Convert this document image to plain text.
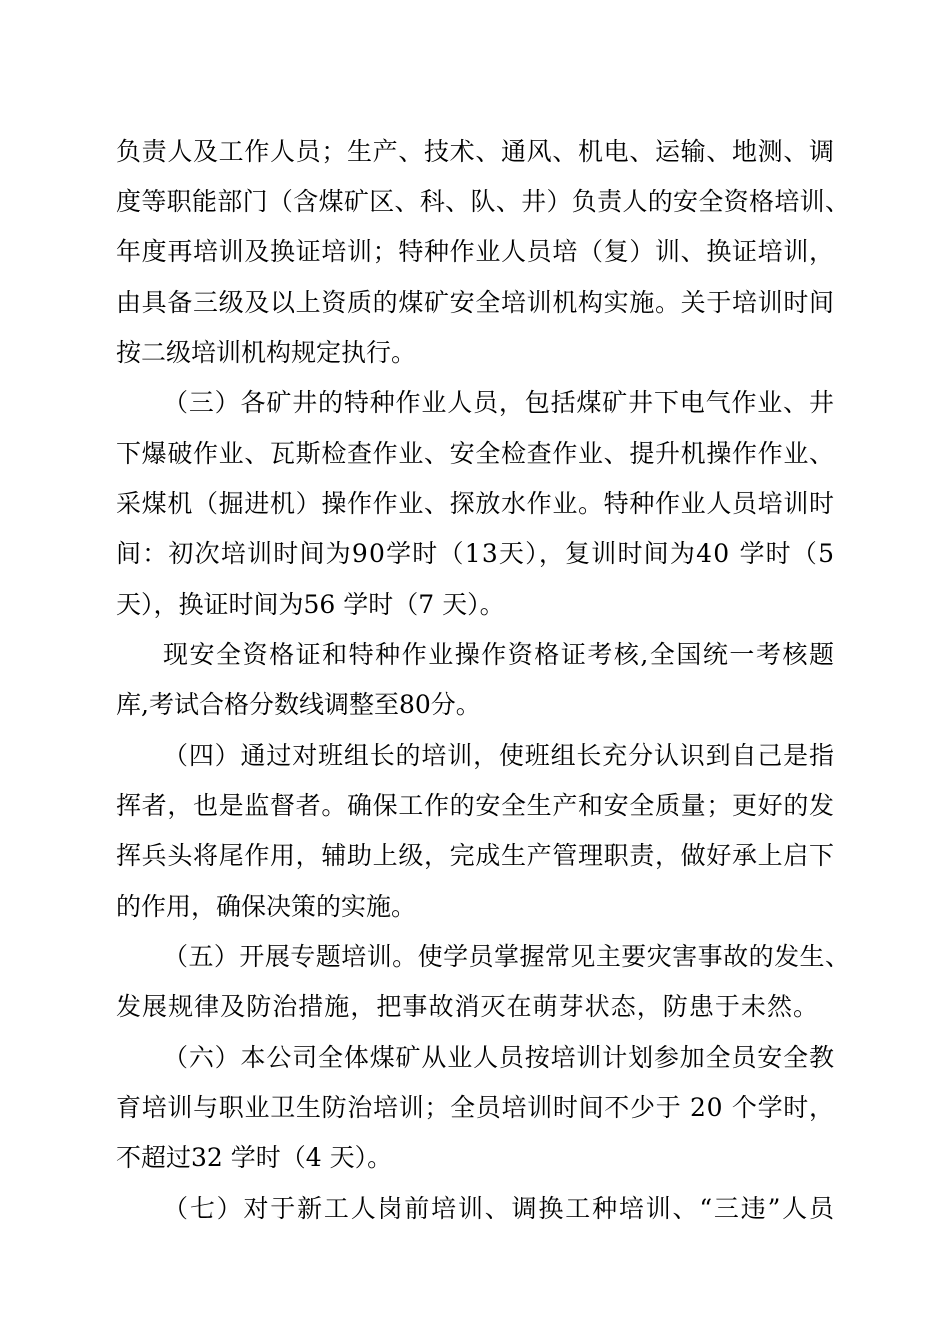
负责人及工作人员；生产、技术、通风、机电、运输、地测、调
度等职能部门（含煤矿区、科、队、井）负责人的安全资格培训、
年度再培训及换证培训；特种作业人员培（复）训、换证培训，
由具备三级及以上资质的煤矿安全培训机构实施。关于培训时间
按二级培训机构规定执行。
（三）各矿井的特种作业人员，包括煤矿井下电气作业、井
下爆破作业、瓦斯检查作业、安全检查作业、提升机操作作业、
采煤机（掘进机）操作作业、探放水作业。特种作业人员培训时
间：初次培训时间为90学时（13天），复训时间为40 学时（5
天），换证时间为56 学时（7 天）。
现安全资格证和特种作业操作资格证考核,全国统一考核题
库,考试合格分数线调整至80分。
（四）通过对班组长的培训，使班组长充分认识到自己是指
挥者，也是监督者。确保工作的安全生产和安全质量；更好的发
挥兵头将尾作用，辅助上级，完成生产管理职责，做好承上启下
的作用，确保决策的实施。
（五）开展专题培训。使学员掌握常见主要灾害事故的发生、
发展规律及防治措施，把事故消灭在萌芽状态，防患于未然。
（六）本公司全体煤矿从业人员按培训计划参加全员安全教
育培训与职业卫生防治培训；全员培训时间不少于 20 个学时，
不超过32 学时（4 天）。
（七）对于新工人岗前培训、调换工种培训、“三违”人员
